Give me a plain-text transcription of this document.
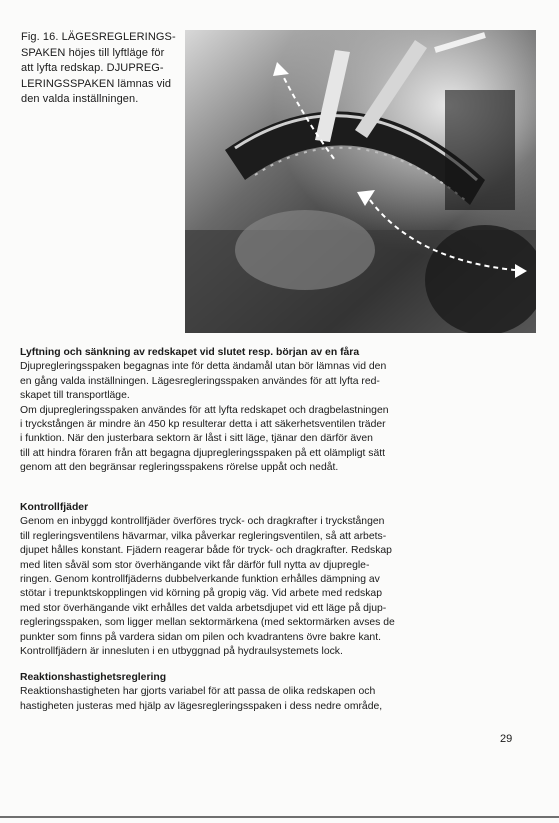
Fig. 16. LÄGESREGLERINGS-
SPAKEN höjes till lyftläge för
att lyfta redskap. DJUPREG-
LERINGSSPAKEN lämnas vid
den valda inställningen.

Lyftning och sänkning av redskapet vid slutet resp. början av en fåra

Djupregleringsspaken begagnas inte för detta ändamål utan bör lämnas vid den

en gång valda inställningen. Lägesregleringsspaken användes för att lyfta red-

skapet till transportläge.

Om djupregleringsspaken användes för att lyfta redskapet och dragbelastningen

i tryckstången är mindre än 450 kp resulterar detta i att säkerhetsventilen träder

i funktion. När den justerbara sektorn är låst i sitt läge, tjänar den därför även

till att hindra föraren från att begagna djupregleringsspaken på ett olämpligt sätt

genom att den begränsar regleringsspakens rörelse uppåt och nedåt.

Kontrollfjäder

Genom en inbyggd kontrollfjäder överföres tryck- och dragkrafter i tryckstången

till regleringsventilens hävarmar, vilka påverkar regleringsventilen, så att arbets-

djupet hålles konstant. Fjädern reagerar både för tryck- och dragkrafter. Redskap

med liten såväl som stor överhängande vikt får därför full nytta av djupregle-

ringen. Genom kontrollfjäderns dubbelverkande funktion erhålles dämpning av

stötar i trepunktskopplingen vid körning på gropig väg. Vid arbete med redskap

med stor överhängande vikt erhålles det valda arbetsdjupet vid ett läge på djup-

regleringsspaken, som ligger mellan sektormärkena (med sektormärken avses de

punkter som finns på vardera sidan om pilen och kvadrantens övre bakre kant.

Kontrollfjädern är innesluten i en utbyggnad på hydraulsystemets lock.

Reaktionshastighetsreglering

Reaktionshastigheten har gjorts variabel för att passa de olika redskapen och

hastigheten justeras med hjälp av lägesregleringsspaken i dess nedre område,

29
